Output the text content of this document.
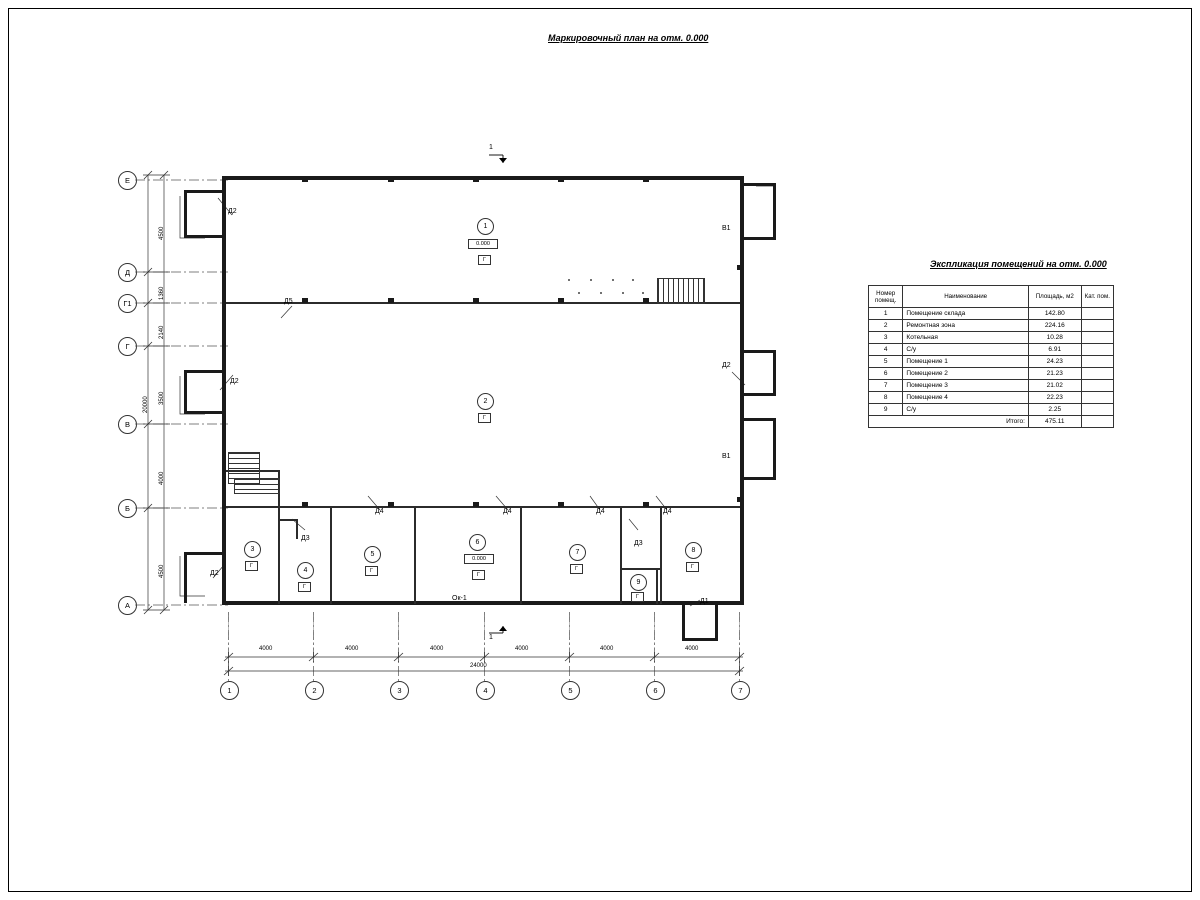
Маркировочный план на отм. 0.000
Е
Д
Г1
Г
В
Б
А
1	2	3	4	5	6	7
1
0.000
Г
2
Г
3
Г
4
Г
5
Г
6
0.000
Г
7
Г
8
Г
9
Г
Д2
Д2
Д2
Д2
Д5
Д3
Д3
Д4	Д4	Д4	Д4
Д1
В1
В1
Ок-1
1
1
4000	4000	4000	4000	4000	4000
24000
4500
1360
2140
3500
4000
4500
20000
Экспликация помещений на отм. 0.000
Номер помещ.	Наименование	Площадь, м2	Кат. пом.
1	Помещение склада	142.80	
2	Ремонтная зона	224.16	
3	Котельная	10.28	
4	С/у	6.91	
5	Помещение 1	24.23	
6	Помещение 2	21.23	
7	Помещение 3	21.02	
8	Помещение 4	22.23	
9	С/у	2.25	
Итого:		475.11	
